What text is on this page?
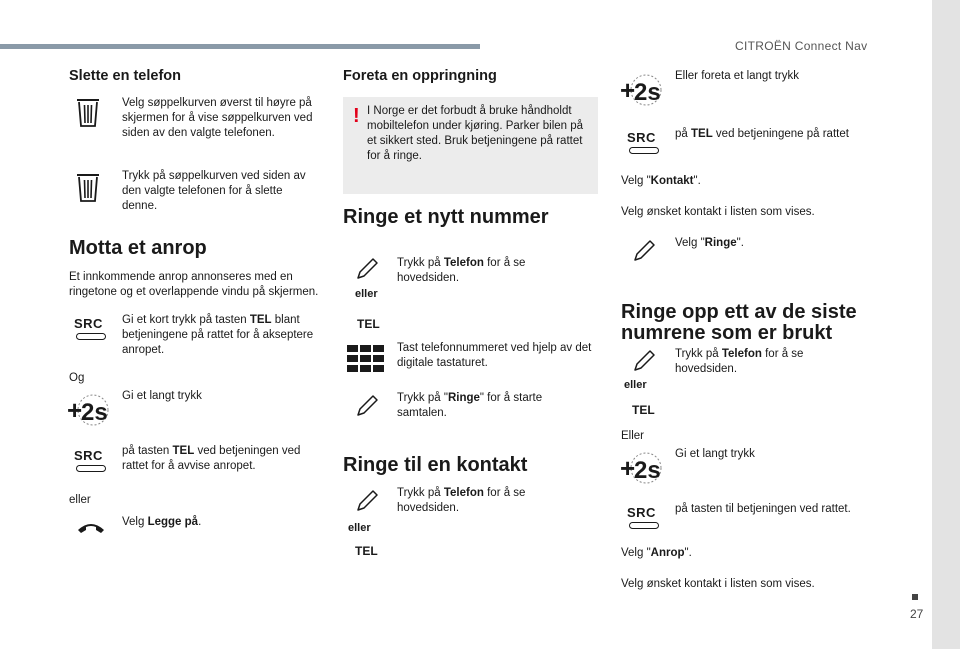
CITROËN Connect Nav
27
Slette en telefon
Velg søppelkurven øverst til høyre på skjermen for å vise søppelkurven ved siden av den valgte telefonen.
Trykk på søppelkurven ved siden av den valgte telefonen for å slette denne.
Motta et anrop
Et innkommende anrop annonseres med en ringetone og et overlappende vindu på skjermen.
SRC	Gi et kort trykk på tasten TEL blant betjeningene på rattet for å akseptere anropet.
Og
+
2s
Gi et langt trykk
SRC	på tasten TEL ved betjeningen ved rattet for å avvise anropet.
eller
Velg Legge på.
Foreta en oppringning
! I Norge er det forbudt å bruke håndholdt mobiltelefon under kjøring. Parker bilen på et sikkert sted. Bruk betjeningene på rattet for å ringe.
Ringe et nytt nummer
eller
TEL
Trykk på Telefon for å se hovedsiden.
Tast telefonnummeret ved hjelp av det digitale tastaturet.
Trykk på "Ringe" for å starte samtalen.
Ringe til en kontakt
eller
TEL
Trykk på Telefon for å se hovedsiden.
+
2s
Eller foreta et langt trykk
SRC	på TEL ved betjeningene på rattet
Velg "Kontakt".
Velg ønsket kontakt i listen som vises.
Velg "Ringe".
Ringe opp ett av de siste numrene som er brukt
eller
TEL
Trykk på Telefon for å se hovedsiden.
Eller
+
2s
Gi et langt trykk
SRC	på tasten til betjeningen ved rattet.
Velg "Anrop".
Velg ønsket kontakt i listen som vises.
